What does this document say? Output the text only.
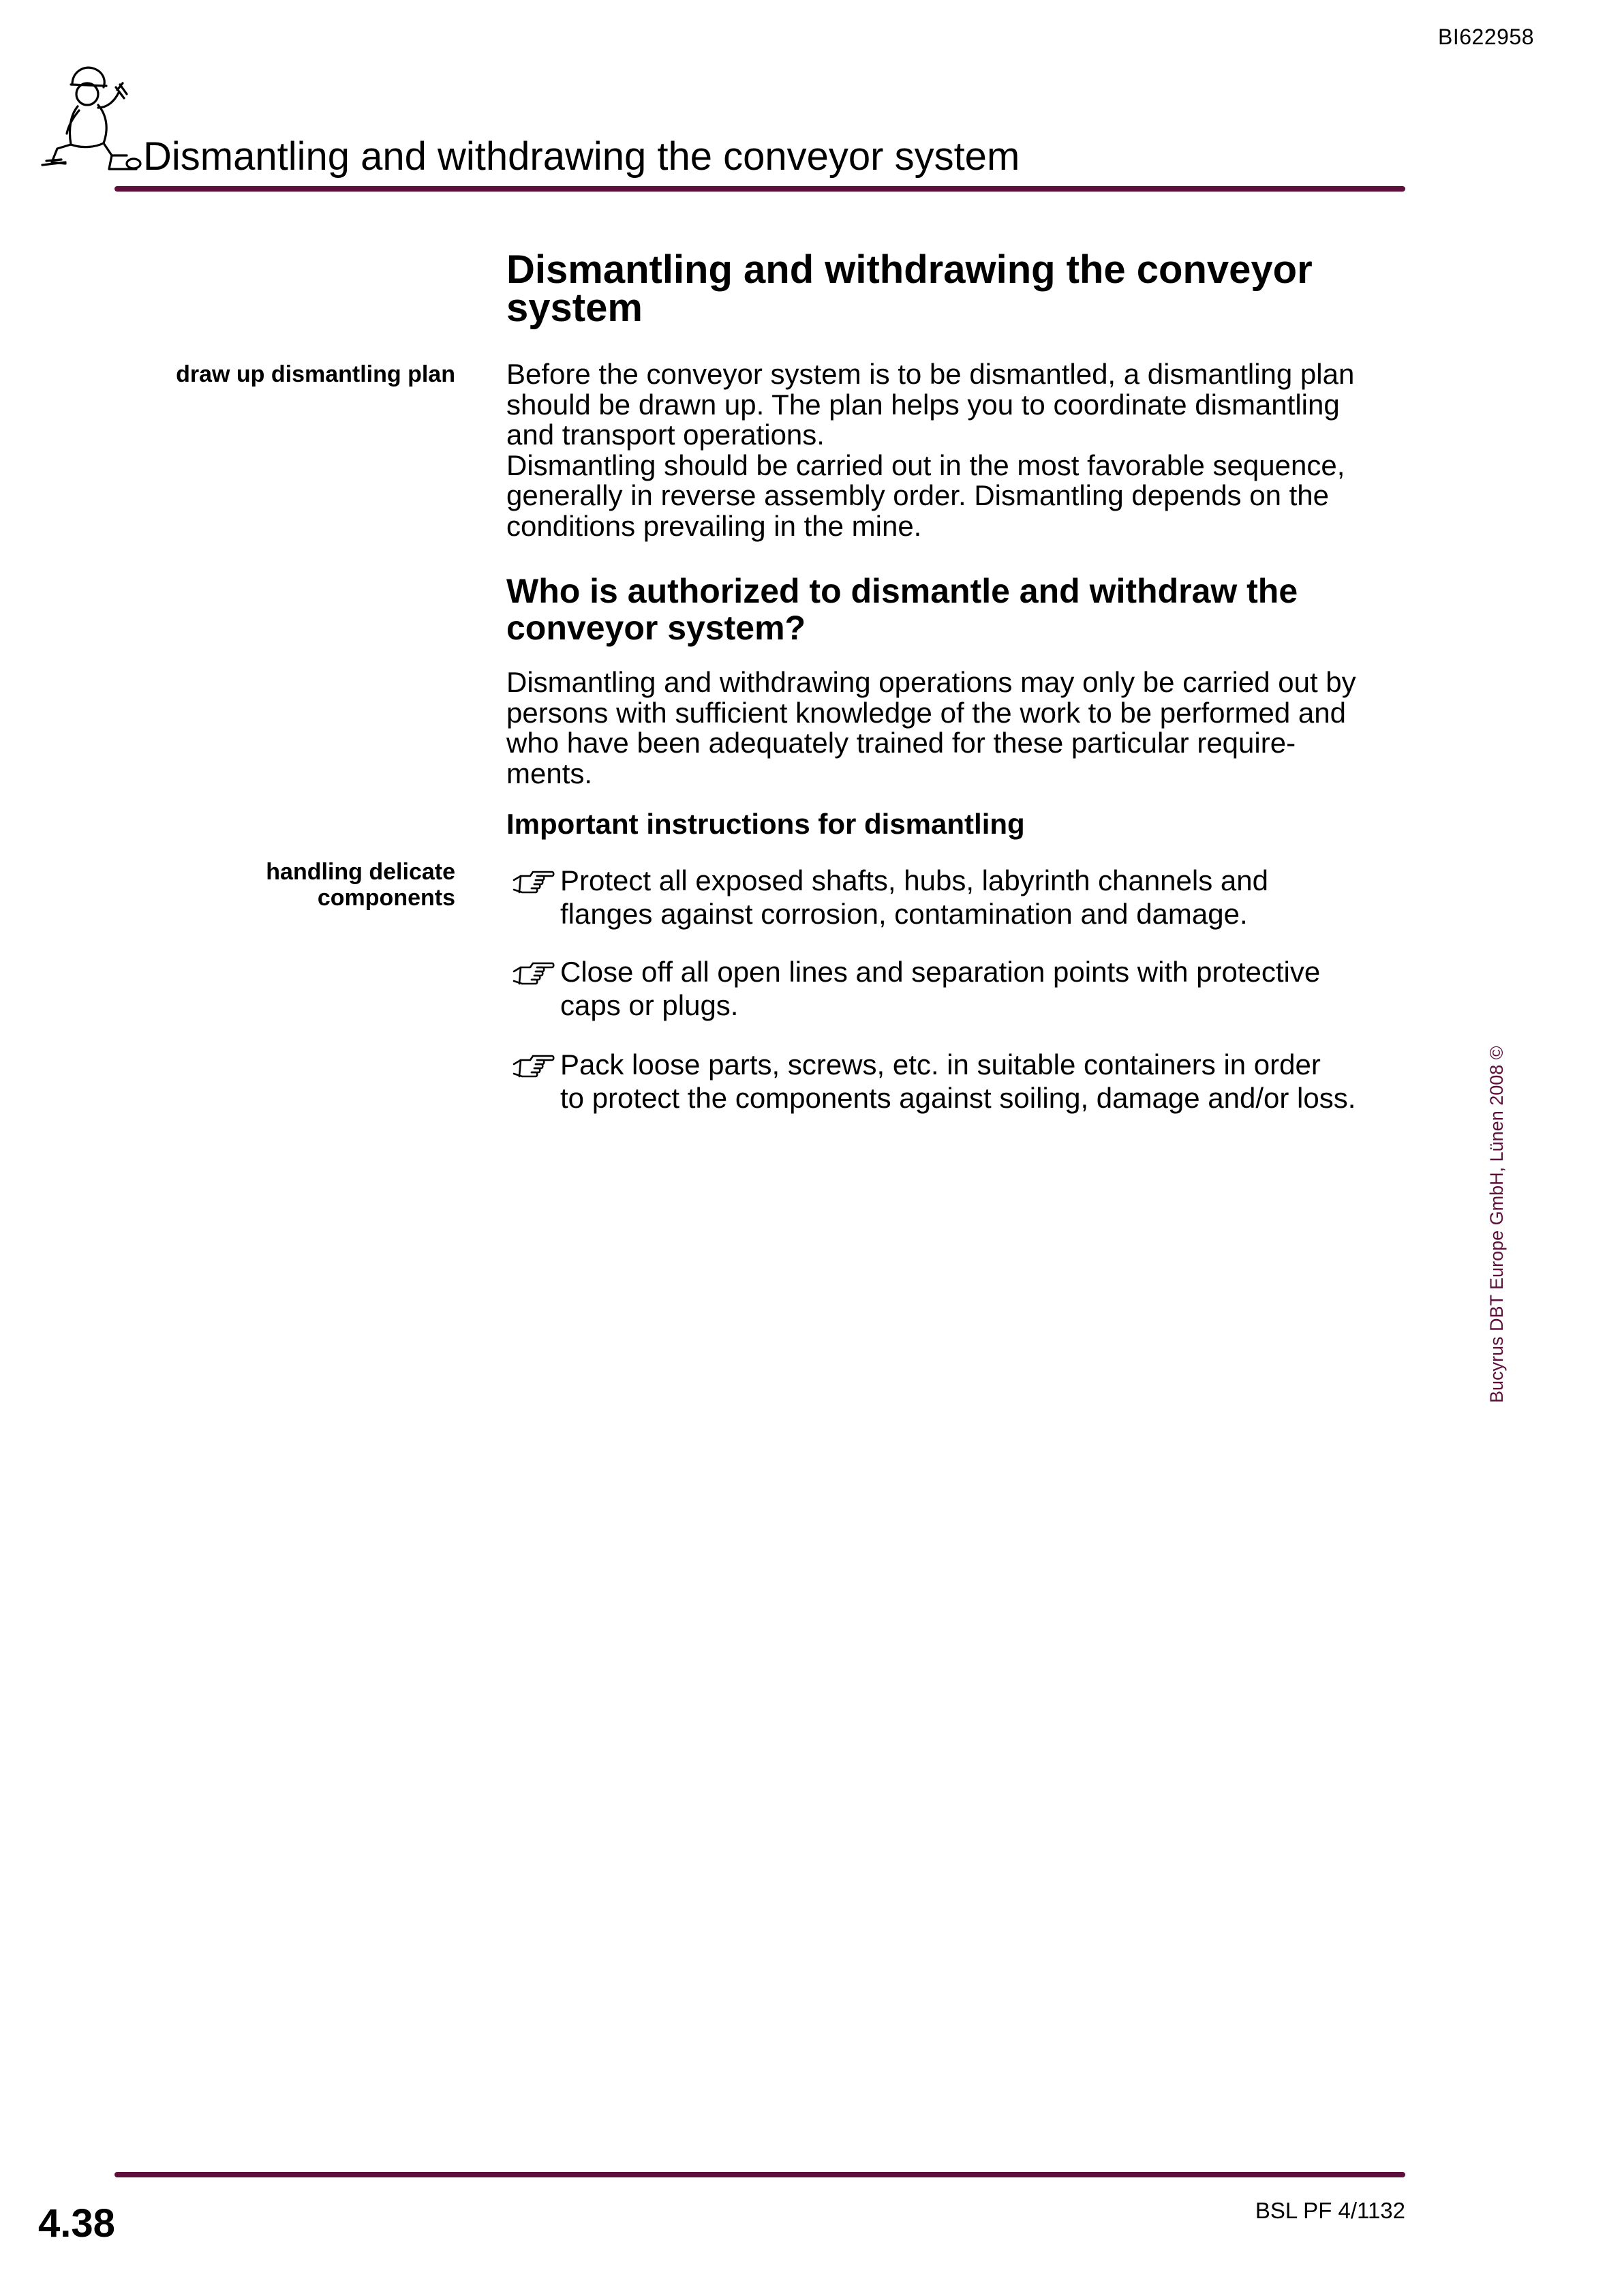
BI622958
Dismantling and withdrawing the conveyor system
Dismantling and withdrawing the conveyor system
draw up dismantling plan Before the conveyor system is to be dismantled, a dismantling plan
should be drawn up. The plan helps you to coordinate dismantling
and transport operations.
Dismantling should be carried out in the most favorable sequence,
generally in reverse assembly order. Dismantling depends on the
conditions prevailing in the mine.
Who is authorized to dismantle and withdraw the conveyor system?
Dismantling and withdrawing operations may only be carried out by
persons with sufficient knowledge of the work to be performed and
who have been adequately trained for these particular require-
ments.
Important instructions for dismantling
handling delicate
components
Protect all exposed shafts, hubs, labyrinth channels and
flanges against corrosion, contamination and damage.
Close off all open lines and separation points with protective
caps or plugs.
Pack loose parts, screws, etc. in suitable containers in order
to protect the components against soiling, damage and/or loss.	Bucyrus DBT Europe GmbH, Lünen 2008 ©
4.38	BSL PF 4/1132
